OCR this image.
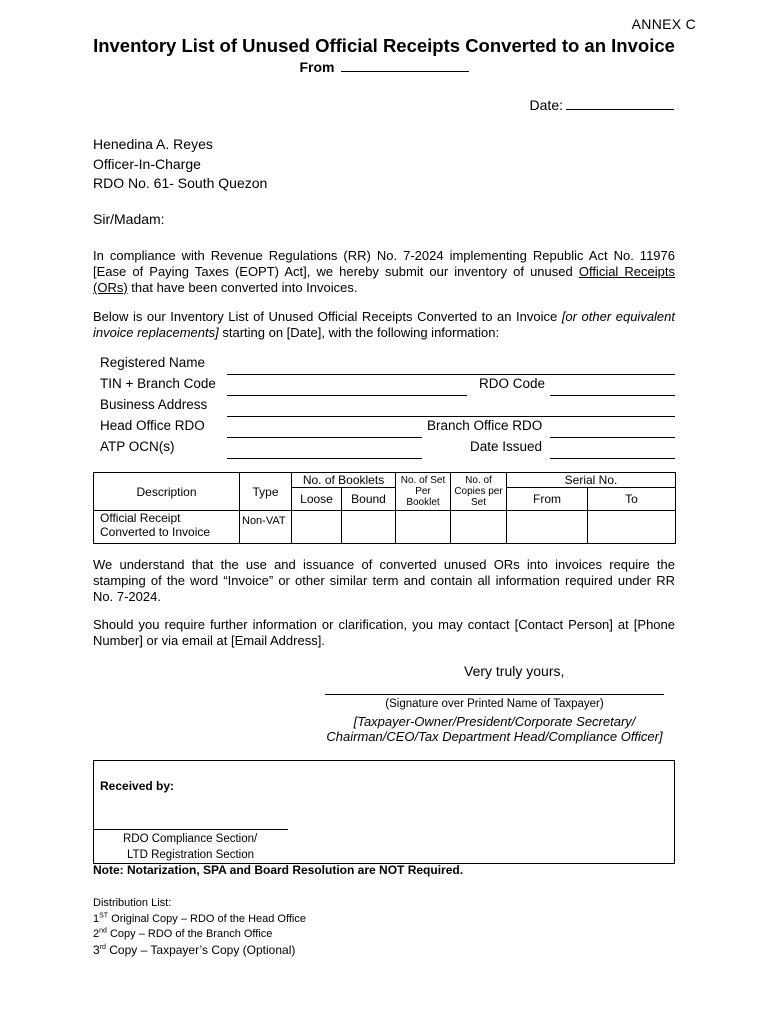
ANNEX C
Inventory List of Unused Official Receipts Converted to an Invoice
From
Date:
Henedina A. Reyes
Officer-In-Charge
RDO No. 61- South Quezon
Sir/Madam:
In compliance with Revenue Regulations (RR) No. 7-2024 implementing Republic Act No. 11976 [Ease of Paying Taxes (EOPT) Act], we hereby submit our inventory of unused Official Receipts (ORs) that have been converted into Invoices.
Below is our Inventory List of Unused Official Receipts Converted to an Invoice [or other equivalent invoice replacements] starting on [Date], with the following information:
Registered Name
TIN + Branch Code	RDO Code
Business Address
Head Office RDO	Branch Office RDO
ATP OCN(s)	Date Issued
Description	Type	No. of Booklets		No. of Set Per Booklet	No. of Copies per Set	Serial No.	
		Loose	Bound			From	To
Official Receipt Converted to Invoice	Non-VAT						
We understand that the use and issuance of converted unused ORs into invoices require the stamping of the word “Invoice” or other similar term and contain all information required under RR No. 7-2024.
Should you require further information or clarification, you may contact [Contact Person] at [Phone Number] or via email at [Email Address].
Very truly yours,
(Signature over Printed Name of Taxpayer)
[Taxpayer-Owner/President/Corporate Secretary/
Chairman/CEO/Tax Department Head/Compliance Officer]
Received by:
RDO Compliance Section/
LTD Registration Section
Note: Notarization, SPA and Board Resolution are NOT Required.
Distribution List:
1ST Original Copy – RDO of the Head Office
2nd Copy – RDO of the Branch Office
3rd Copy – Taxpayer’s Copy (Optional)
